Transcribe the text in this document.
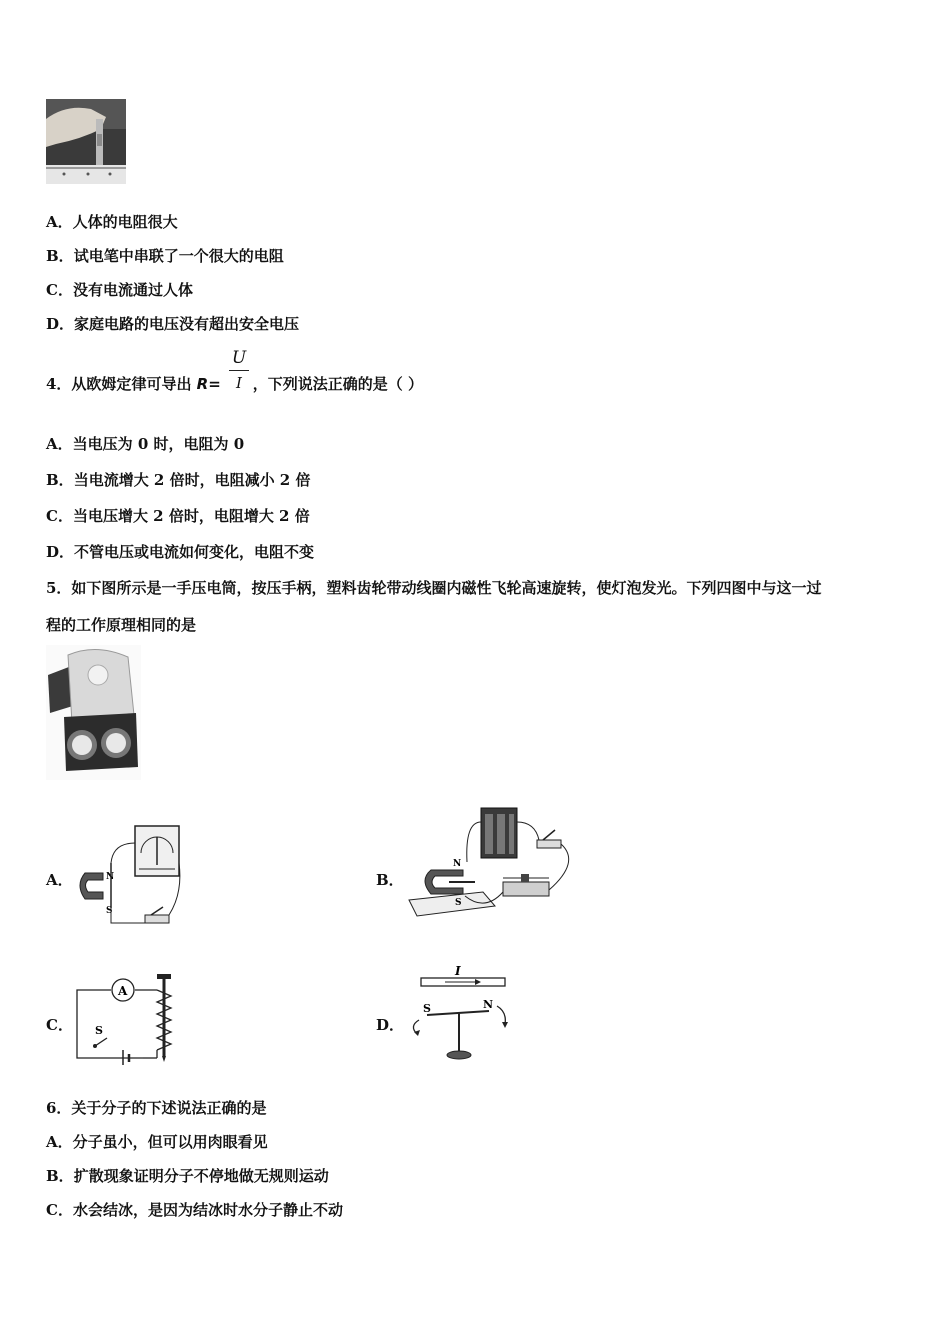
A．人体的电阻很大
B．试电笔中串联了一个很大的电阻
C．没有电流通过人体
D．家庭电路的电压没有超出安全电压
4．从欧姆定律可导出 R= ，下列说法正确的是（ ）
U
I
A．当电压为 0 时，电阻为 0
B．当电流增大 2 倍时，电阻减小 2 倍
C．当电压增大 2 倍时，电阻增大 2 倍
D．不管电压或电流如何变化，电阻不变
5．如下图所示是一手压电筒，按压手柄，塑料齿轮带动线圈内磁性飞轮高速旋转，使灯泡发光。下列四图中与这一过
程的工作原理相同的是
A．	N
S
B．
N
S
C．
A
S	D．
I
S	N
6．关于分子的下述说法正确的是
A．分子虽小，但可以用肉眼看见
B．扩散现象证明分子不停地做无规则运动
C．水会结冰，是因为结冰时水分子静止不动
